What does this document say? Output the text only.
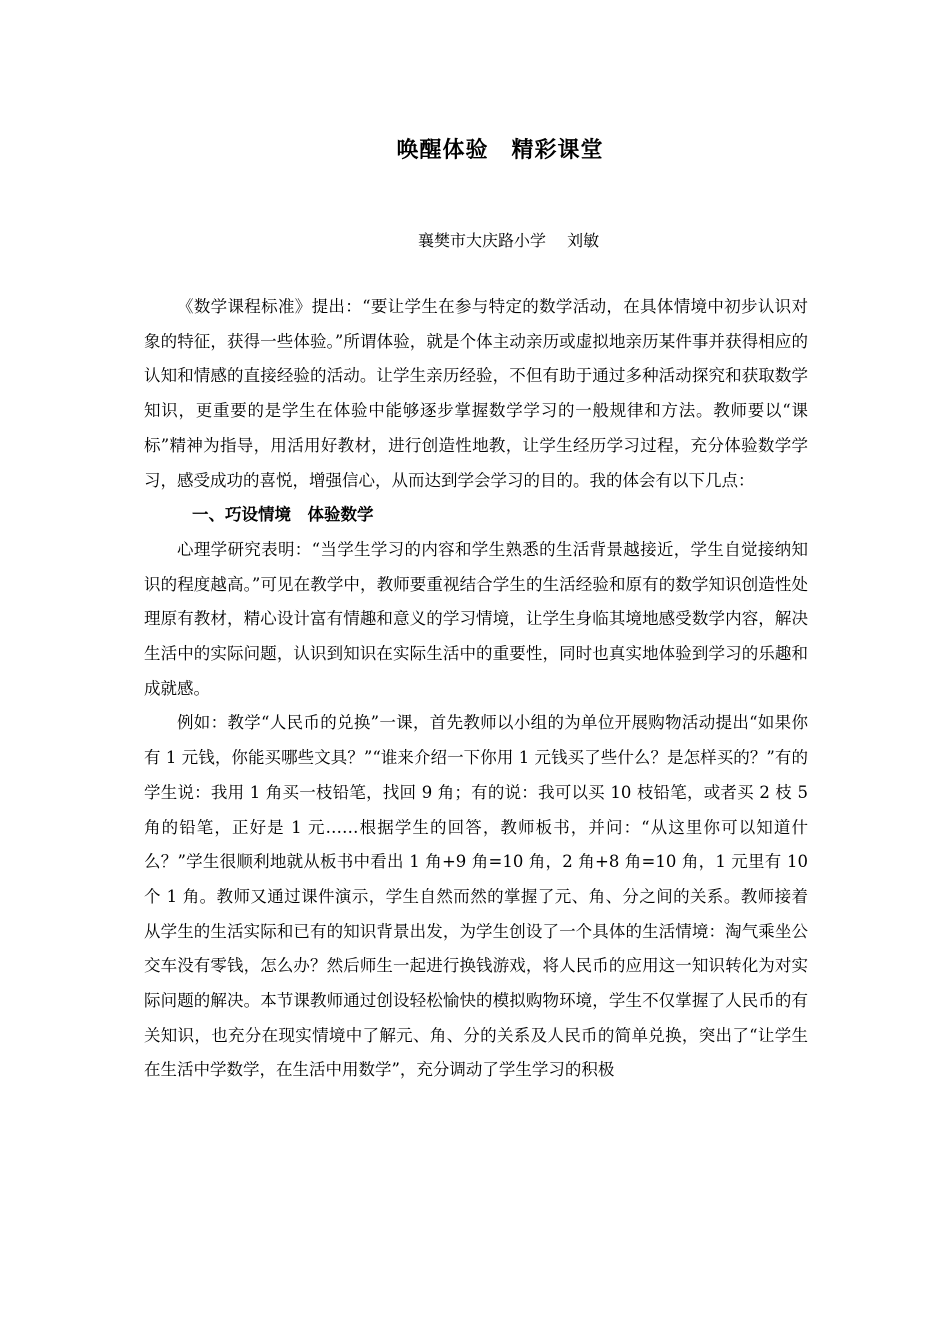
唤醒体验　精彩课堂
襄樊市大庆路小学　 刘敏

《数学课程标准》提出：“要让学生在参与特定的数学活动，在具体情境中初步认识对象的特征，获得一些体验。”所谓体验，就是个体主动亲历或虚拟地亲历某件事并获得相应的认知和情感的直接经验的活动。让学生亲历经验，不但有助于通过多种活动探究和获取数学知识，更重要的是学生在体验中能够逐步掌握数学学习的一般规律和方法。教师要以“课标”精神为指导，用活用好教材，进行创造性地教，让学生经历学习过程，充分体验数学学习，感受成功的喜悦，增强信心，从而达到学会学习的目的。我的体会有以下几点：

一、巧设情境　体验数学

心理学研究表明：“当学生学习的内容和学生熟悉的生活背景越接近，学生自觉接纳知识的程度越高。”可见在教学中，教师要重视结合学生的生活经验和原有的数学知识创造性处理原有教材，精心设计富有情趣和意义的学习情境，让学生身临其境地感受数学内容，解决生活中的实际问题，认识到知识在实际生活中的重要性，同时也真实地体验到学习的乐趣和成就感。

例如：教学“人民币的兑换”一课，首先教师以小组的为单位开展购物活动提出“如果你有 1 元钱，你能买哪些文具？”“谁来介绍一下你用 1 元钱买了些什么？是怎样买的？”有的学生说：我用 1 角买一枝铅笔，找回 9 角；有的说：我可以买 10 枝铅笔，或者买 2 枝 5 角的铅笔，正好是 1 元……根据学生的回答，教师板书，并问：“从这里你可以知道什么？”学生很顺利地就从板书中看出 1 角+9 角=10 角，2 角+8 角=10 角，1 元里有 10 个 1 角。教师又通过课件演示，学生自然而然的掌握了元、角、分之间的关系。教师接着从学生的生活实际和已有的知识背景出发，为学生创设了一个具体的生活情境：淘气乘坐公交车没有零钱，怎么办？然后师生一起进行换钱游戏，将人民币的应用这一知识转化为对实际问题的解决。本节课教师通过创设轻松愉快的模拟购物环境，学生不仅掌握了人民币的有关知识，也充分在现实情境中了解元、角、分的关系及人民币的简单兑换，突出了“让学生在生活中学数学，在生活中用数学”，充分调动了学生学习的积极
